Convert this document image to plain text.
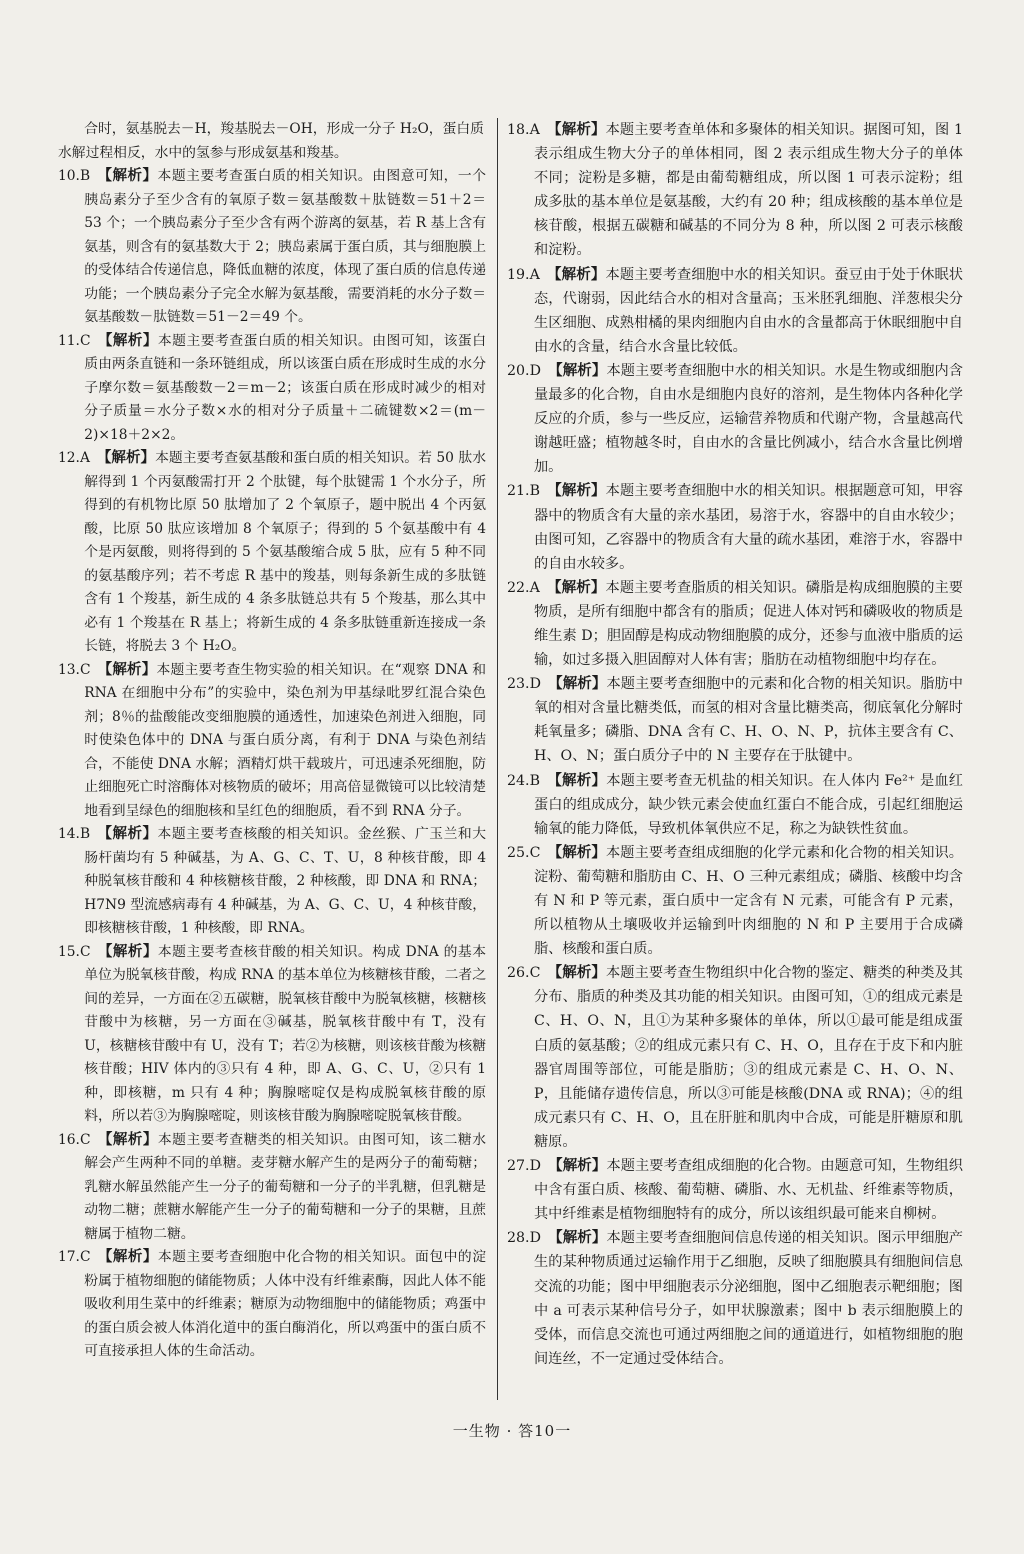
合时，氨基脱去－H，羧基脱去－OH，形成一分子 H₂O，蛋白质水解过程相反，水中的氢参与形成氨基和羧基。

10.B 【解析】本题主要考查蛋白质的相关知识。由图意可知，一个胰岛素分子至少含有的氧原子数＝氨基酸数＋肽链数＝51＋2＝53 个；一个胰岛素分子至少含有两个游离的氨基，若 R 基上含有氨基，则含有的氨基数大于 2；胰岛素属于蛋白质，其与细胞膜上的受体结合传递信息，降低血糖的浓度，体现了蛋白质的信息传递功能；一个胰岛素分子完全水解为氨基酸，需要消耗的水分子数＝氨基酸数－肽链数＝51－2＝49 个。

11.C 【解析】本题主要考查蛋白质的相关知识。由图可知，该蛋白质由两条直链和一条环链组成，所以该蛋白质在形成时生成的水分子摩尔数＝氨基酸数－2＝m－2；该蛋白质在形成时减少的相对分子质量＝水分子数×水的相对分子质量＋二硫键数×2＝(m－2)×18＋2×2。

12.A 【解析】本题主要考查氨基酸和蛋白质的相关知识。若 50 肽水解得到 1 个丙氨酸需打开 2 个肽键，每个肽键需 1 个水分子，所得到的有机物比原 50 肽增加了 2 个氧原子，题中脱出 4 个丙氨酸，比原 50 肽应该增加 8 个氧原子；得到的 5 个氨基酸中有 4 个是丙氨酸，则将得到的 5 个氨基酸缩合成 5 肽，应有 5 种不同的氨基酸序列；若不考虑 R 基中的羧基，则每条新生成的多肽链含有 1 个羧基，新生成的 4 条多肽链总共有 5 个羧基，那么其中必有 1 个羧基在 R 基上；将新生成的 4 条多肽链重新连接成一条长链，将脱去 3 个 H₂O。

13.C 【解析】本题主要考查生物实验的相关知识。在“观察 DNA 和 RNA 在细胞中分布”的实验中，染色剂为甲基绿吡罗红混合染色剂；8％的盐酸能改变细胞膜的通透性，加速染色剂进入细胞，同时使染色体中的 DNA 与蛋白质分离，有利于 DNA 与染色剂结合，不能使 DNA 水解；酒精灯烘干载玻片，可迅速杀死细胞，防止细胞死亡时溶酶体对核物质的破坏；用高倍显微镜可以比较清楚地看到呈绿色的细胞核和呈红色的细胞质，看不到 RNA 分子。

14.B 【解析】本题主要考查核酸的相关知识。金丝猴、广玉兰和大肠杆菌均有 5 种碱基，为 A、G、C、T、U，8 种核苷酸，即 4 种脱氧核苷酸和 4 种核糖核苷酸，2 种核酸，即 DNA 和 RNA；H7N9 型流感病毒有 4 种碱基，为 A、G、C、U，4 种核苷酸，即核糖核苷酸，1 种核酸，即 RNA。

15.C 【解析】本题主要考查核苷酸的相关知识。构成 DNA 的基本单位为脱氧核苷酸，构成 RNA 的基本单位为核糖核苷酸，二者之间的差异，一方面在②五碳糖，脱氧核苷酸中为脱氧核糖，核糖核苷酸中为核糖，另一方面在③碱基，脱氧核苷酸中有 T，没有 U，核糖核苷酸中有 U，没有 T；若②为核糖，则该核苷酸为核糖核苷酸；HIV 体内的③只有 4 种，即 A、G、C、U，②只有 1 种，即核糖，m 只有 4 种；胸腺嘧啶仅是构成脱氧核苷酸的原料，所以若③为胸腺嘧啶，则该核苷酸为胸腺嘧啶脱氧核苷酸。

16.C 【解析】本题主要考查糖类的相关知识。由图可知，该二糖水解会产生两种不同的单糖。麦芽糖水解产生的是两分子的葡萄糖；乳糖水解虽然能产生一分子的葡萄糖和一分子的半乳糖，但乳糖是动物二糖；蔗糖水解能产生一分子的葡萄糖和一分子的果糖，且蔗糖属于植物二糖。

17.C 【解析】本题主要考查细胞中化合物的相关知识。面包中的淀粉属于植物细胞的储能物质；人体中没有纤维素酶，因此人体不能吸收利用生菜中的纤维素；糖原为动物细胞中的储能物质；鸡蛋中的蛋白质会被人体消化道中的蛋白酶消化，所以鸡蛋中的蛋白质不可直接承担人体的生命活动。

18.A 【解析】本题主要考查单体和多聚体的相关知识。据图可知，图 1 表示组成生物大分子的单体相同，图 2 表示组成生物大分子的单体不同；淀粉是多糖，都是由葡萄糖组成，所以图 1 可表示淀粉；组成多肽的基本单位是氨基酸，大约有 20 种；组成核酸的基本单位是核苷酸，根据五碳糖和碱基的不同分为 8 种，所以图 2 可表示核酸和淀粉。

19.A 【解析】本题主要考查细胞中水的相关知识。蚕豆由于处于休眠状态，代谢弱，因此结合水的相对含量高；玉米胚乳细胞、洋葱根尖分生区细胞、成熟柑橘的果肉细胞内自由水的含量都高于休眠细胞中自由水的含量，结合水含量比较低。

20.D 【解析】本题主要考查细胞中水的相关知识。水是生物或细胞内含量最多的化合物，自由水是细胞内良好的溶剂，是生物体内各种化学反应的介质，参与一些反应，运输营养物质和代谢产物，含量越高代谢越旺盛；植物越冬时，自由水的含量比例减小，结合水含量比例增加。

21.B 【解析】本题主要考查细胞中水的相关知识。根据题意可知，甲容器中的物质含有大量的亲水基团，易溶于水，容器中的自由水较少；由图可知，乙容器中的物质含有大量的疏水基团，难溶于水，容器中的自由水较多。

22.A 【解析】本题主要考查脂质的相关知识。磷脂是构成细胞膜的主要物质，是所有细胞中都含有的脂质；促进人体对钙和磷吸收的物质是维生素 D；胆固醇是构成动物细胞膜的成分，还参与血液中脂质的运输，如过多摄入胆固醇对人体有害；脂肪在动植物细胞中均存在。

23.D 【解析】本题主要考查细胞中的元素和化合物的相关知识。脂肪中氧的相对含量比糖类低，而氢的相对含量比糖类高，彻底氧化分解时耗氧量多；磷脂、DNA 含有 C、H、O、N、P，抗体主要含有 C、H、O、N；蛋白质分子中的 N 主要存在于肽键中。

24.B 【解析】本题主要考查无机盐的相关知识。在人体内 Fe²⁺ 是血红蛋白的组成成分，缺少铁元素会使血红蛋白不能合成，引起红细胞运输氧的能力降低，导致机体氧供应不足，称之为缺铁性贫血。

25.C 【解析】本题主要考查组成细胞的化学元素和化合物的相关知识。淀粉、葡萄糖和脂肪由 C、H、O 三种元素组成；磷脂、核酸中均含有 N 和 P 等元素，蛋白质中一定含有 N 元素，可能含有 P 元素，所以植物从土壤吸收并运输到叶肉细胞的 N 和 P 主要用于合成磷脂、核酸和蛋白质。

26.C 【解析】本题主要考查生物组织中化合物的鉴定、糖类的种类及其分布、脂质的种类及其功能的相关知识。由图可知，①的组成元素是 C、H、O、N，且①为某种多聚体的单体，所以①最可能是组成蛋白质的氨基酸；②的组成元素只有 C、H、O，且存在于皮下和内脏器官周围等部位，可能是脂肪；③的组成元素是 C、H、O、N、P，且能储存遗传信息，所以③可能是核酸(DNA 或 RNA)；④的组成元素只有 C、H、O，且在肝脏和肌肉中合成，可能是肝糖原和肌糖原。

27.D 【解析】本题主要考查组成细胞的化合物。由题意可知，生物组织中含有蛋白质、核酸、葡萄糖、磷脂、水、无机盐、纤维素等物质，其中纤维素是植物细胞特有的成分，所以该组织最可能来自柳树。

28.D 【解析】本题主要考查细胞间信息传递的相关知识。图示甲细胞产生的某种物质通过运输作用于乙细胞，反映了细胞膜具有细胞间信息交流的功能；图中甲细胞表示分泌细胞，图中乙细胞表示靶细胞；图中 a 可表示某种信号分子，如甲状腺激素；图中 b 表示细胞膜上的受体，而信息交流也可通过两细胞之间的通道进行，如植物细胞的胞间连丝，不一定通过受体结合。

一生物 · 答10一
